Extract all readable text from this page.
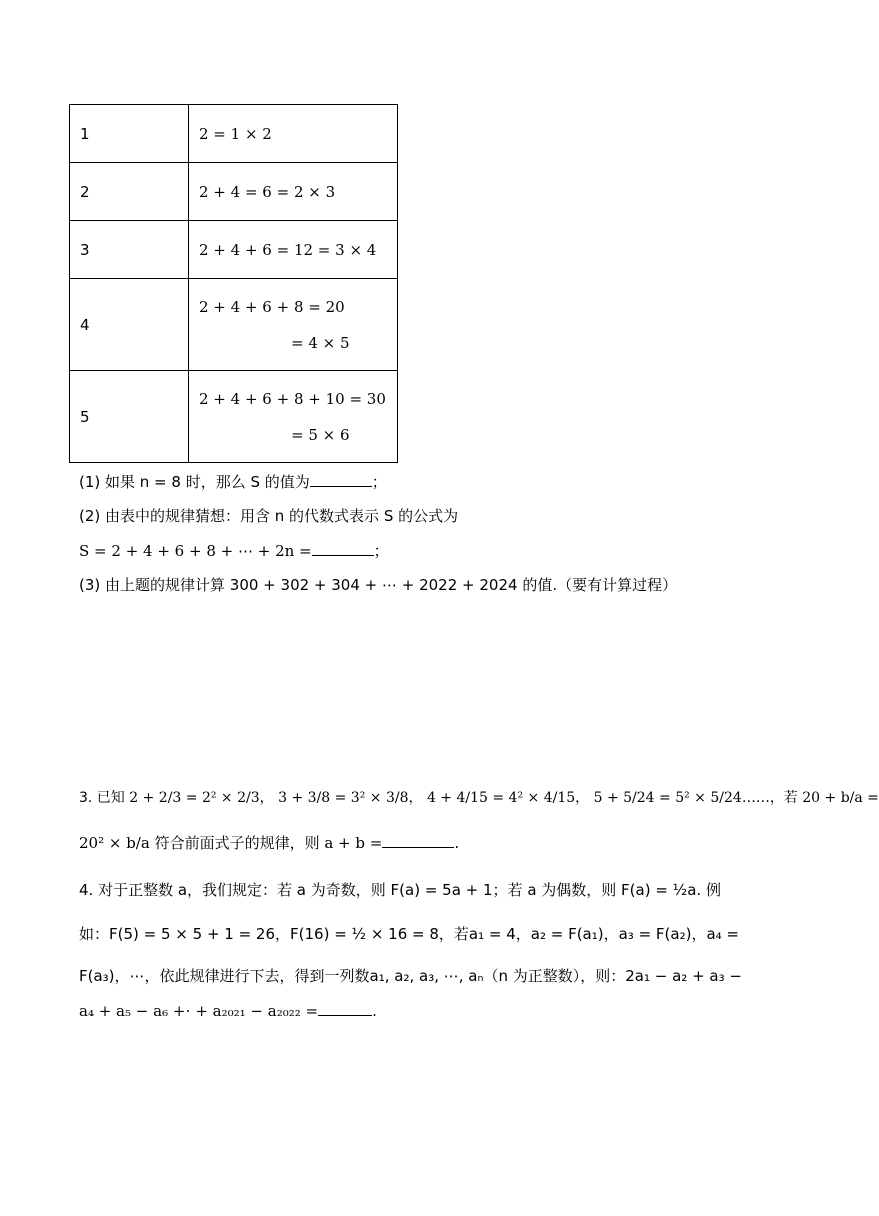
1	2 = 1 × 2
2	2 + 4 = 6 = 2 × 3
3	2 + 4 + 6 = 12 = 3 × 4
4	2 + 4 + 6 + 8 = 20
= 4 × 5

5	2 + 4 + 6 + 8 + 10 = 30
= 5 × 6
(1) 如果 n = 8 时，那么 S 的值为	；
(2) 由表中的规律猜想：用含 n 的代数式表示 S 的公式为
S = 2 + 4 + 6 + 8 + ⋯ + 2n =	；
(3) 由上题的规律计算 300 + 302 + 304 + ⋯ + 2022 + 2024 的值.（要有计算过程）
3. 已知 2 + 2/3 = 2² × 2/3， 3 + 3/8 = 3² × 3/8， 4 + 4/15 = 4² × 4/15， 5 + 5/24 = 5² × 5/24……，若 20 + b/a =
20² × b/a 符合前面式子的规律，则 a + b =	.
4. 对于正整数 a，我们规定：若 a 为奇数，则 F(a) = 5a + 1；若 a 为偶数，则 F(a) = ½a. 例
如：F(5) = 5 × 5 + 1 = 26，F(16) = ½ × 16 = 8，若a₁ = 4，a₂ = F(a₁)，a₃ = F(a₂)，a₄ =
F(a₃)，⋯，依此规律进行下去，得到一列数a₁, a₂, a₃, ⋯, aₙ（n 为正整数），则：2a₁ − a₂ + a₃ −
a₄ + a₅ − a₆ +⋅ + a₂₀₂₁ − a₂₀₂₂ =	.
